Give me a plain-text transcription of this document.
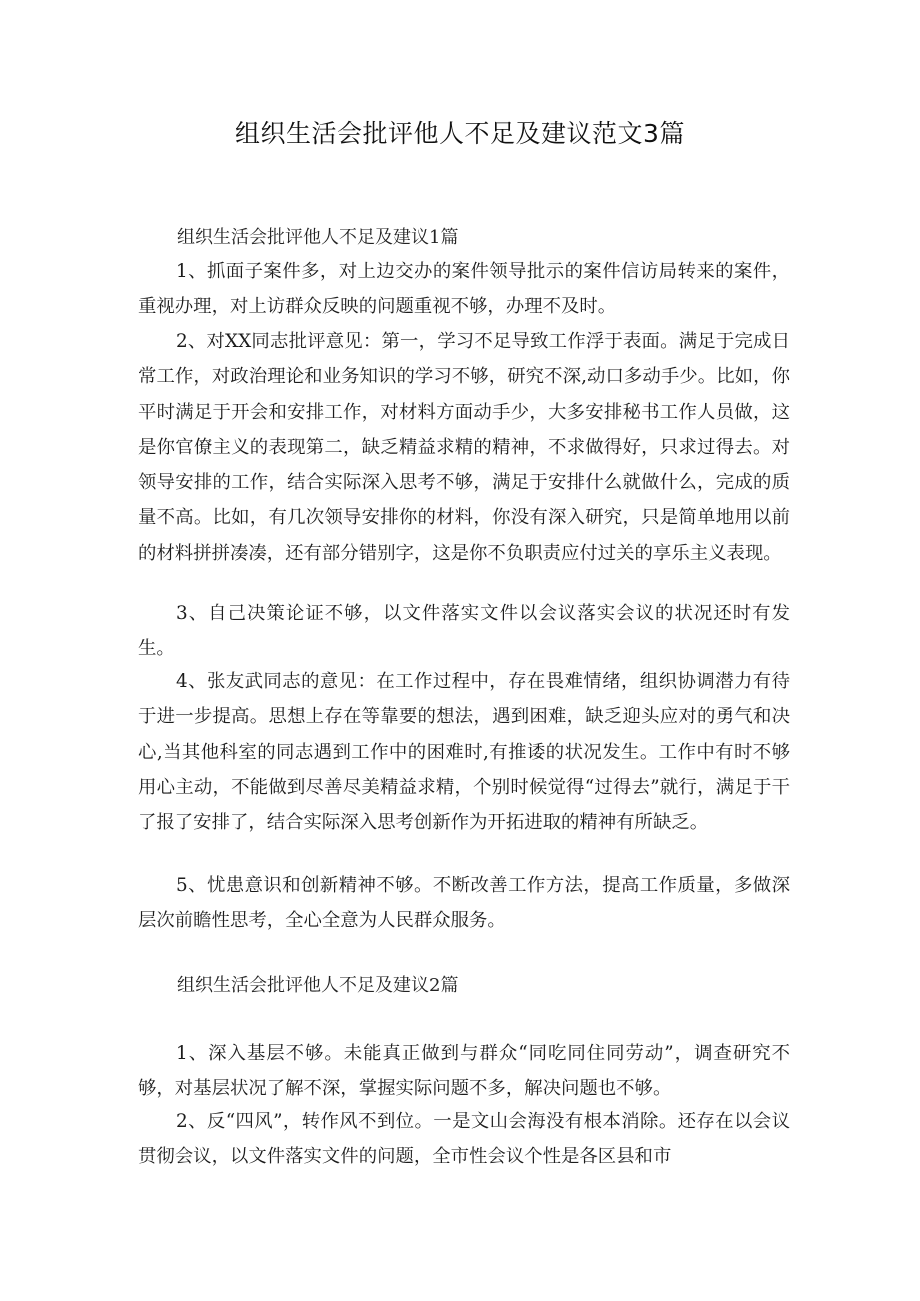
组织生活会批评他人不足及建议范文3篇
组织生活会批评他人不足及建议1篇

1、抓面子案件多，对上边交办的案件领导批示的案件信访局转来的案件，重视办理，对上访群众反映的问题重视不够，办理不及时。

2、对XX同志批评意见：第一，学习不足导致工作浮于表面。满足于完成日常工作，对政治理论和业务知识的学习不够，研究不深,动口多动手少。比如，你平时满足于开会和安排工作，对材料方面动手少，大多安排秘书工作人员做，这是你官僚主义的表现第二，缺乏精益求精的精神，不求做得好，只求过得去。对领导安排的工作，结合实际深入思考不够，满足于安排什么就做什么，完成的质量不高。比如，有几次领导安排你的材料，你没有深入研究，只是简单地用以前的材料拼拼凑凑，还有部分错别字，这是你不负职责应付过关的享乐主义表现。

3、自己决策论证不够，以文件落实文件以会议落实会议的状况还时有发生。

4、张友武同志的意见：在工作过程中，存在畏难情绪，组织协调潜力有待于进一步提高。思想上存在等靠要的想法，遇到困难，缺乏迎头应对的勇气和决心,当其他科室的同志遇到工作中的困难时,有推诿的状况发生。工作中有时不够用心主动，不能做到尽善尽美精益求精，个别时候觉得“过得去”就行，满足于干了报了安排了，结合实际深入思考创新作为开拓进取的精神有所缺乏。

5、忧患意识和创新精神不够。不断改善工作方法，提高工作质量，多做深层次前瞻性思考，全心全意为人民群众服务。

组织生活会批评他人不足及建议2篇

1、深入基层不够。未能真正做到与群众“同吃同住同劳动”，调查研究不够，对基层状况了解不深，掌握实际问题不多，解决问题也不够。

2、反“四风”，转作风不到位。一是文山会海没有根本消除。还存在以会议贯彻会议，以文件落实文件的问题，全市性会议个性是各区县和市
